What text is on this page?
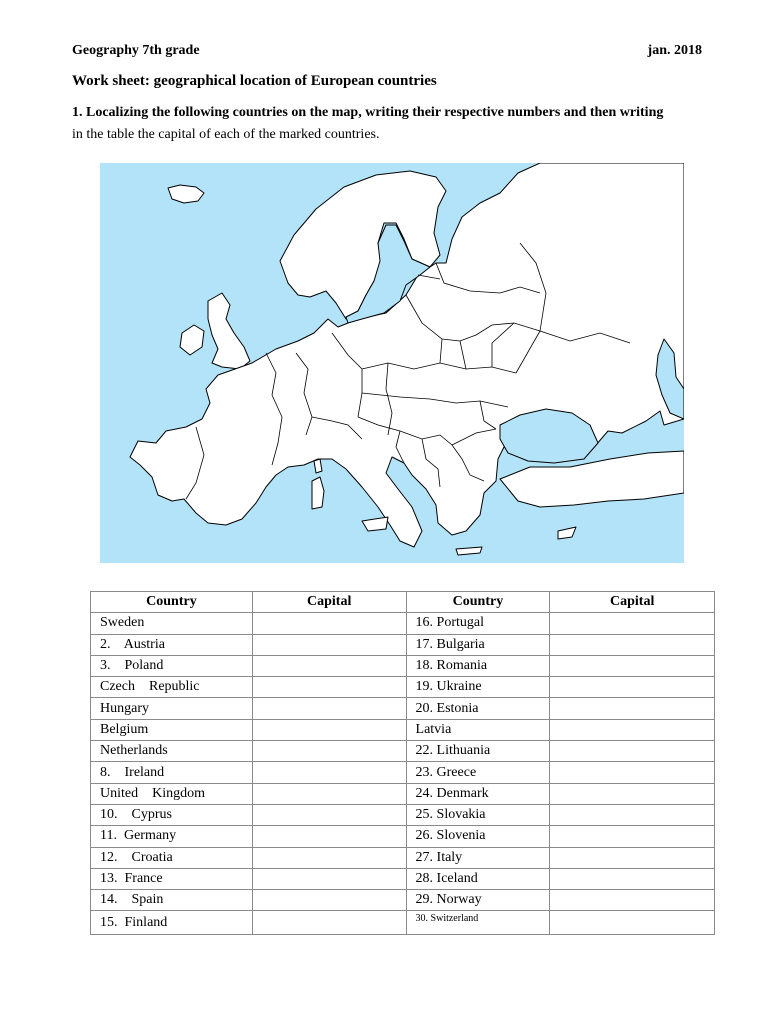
Geography 7th grade	jan. 2018
Work sheet: geographical location of European countries
1. Localizing the following countries on the map, writing their respective numbers and then writing
in the table the capital of each of the marked countries.
Country	Capital	Country	Capital
Sweden		16. Portugal	
2.    Austria		17. Bulgaria	
3.    Poland		18. Romania	
Czech    Republic		19. Ukraine	
Hungary		20. Estonia	
Belgium		Latvia	
Netherlands		22. Lithuania	
8.    Ireland		23. Greece	
United    Kingdom		24. Denmark	
10.    Cyprus		25. Slovakia	
11.  Germany		26. Slovenia	
12.    Croatia		27. Italy	
13.  France		28. Iceland	
14.    Spain		29. Norway	
15.  Finland		30. Switzerland	
